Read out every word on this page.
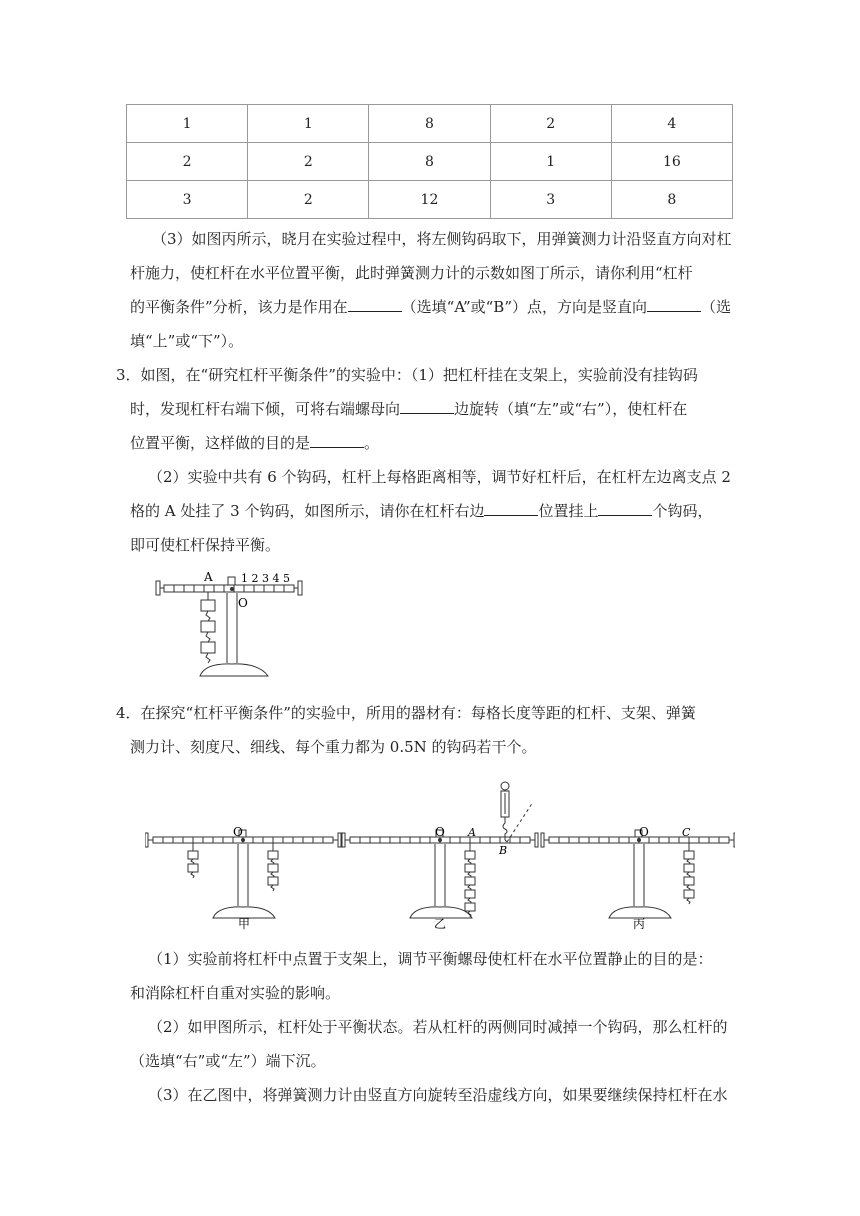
1	1	8	2	4
2	2	8	1	16
3	2	12	3	8

（3）如图丙所示，晓月在实验过程中，将左侧钩码取下，用弹簧测力计沿竖直方向对杠

杆施力，使杠杆在水平位置平衡，此时弹簧测力计的示数如图丁所示，请你利用“杠杆

的平衡条件”分析，该力是作用在	（选填“A”或“B”）点，方向是竖直向	（选

填“上”或“下”）。

3．如图，在“研究杠杆平衡条件”的实验中：（1）把杠杆挂在支架上，实验前没有挂钩码

时，发现杠杆右端下倾，可将右端螺母向	边旋转（填“左”或“右”），使杠杆在

位置平衡，这样做的目的是	。

（2）实验中共有 6 个钩码，杠杆上每格距离相等，调节好杠杆后，在杠杆左边离支点 2

格的 A 处挂了 3 个钩码，如图所示，请你在杠杆右边	位置挂上	个钩码，

即可使杠杆保持平衡。

A
O
1 2 3 4 5

4．在探究“杠杆平衡条件”的实验中，所用的器材有：每格长度等距的杠杆、支架、弹簧

测力计、刻度尺、细线、每个重力都为 0.5N 的钩码若干个。

O	O A
B
O	C
甲	乙	丙

（1）实验前将杠杆中点置于支架上，调节平衡螺母使杠杆在水平位置静止的目的是：

和消除杠杆自重对实验的影响。

（2）如甲图所示，杠杆处于平衡状态。若从杠杆的两侧同时减掉一个钩码，那么杠杆的

（选填“右”或“左”）端下沉。

（3）在乙图中，将弹簧测力计由竖直方向旋转至沿虚线方向，如果要继续保持杠杆在水
